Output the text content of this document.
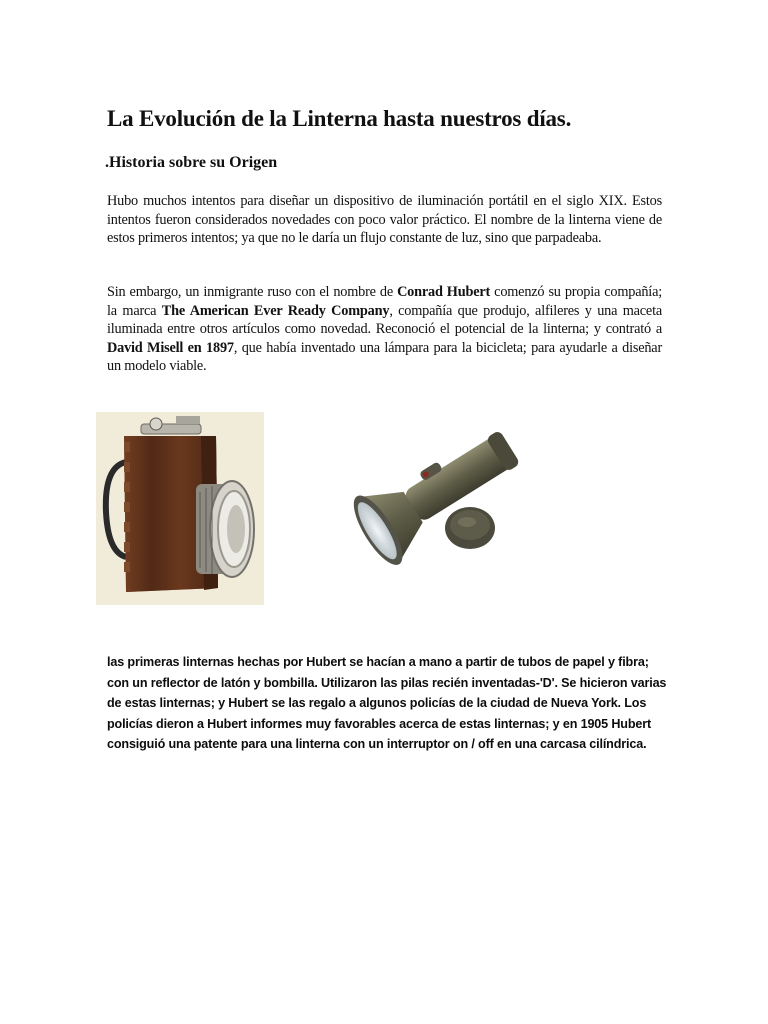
La Evolución de la Linterna hasta nuestros días.

.Historia sobre su Origen

Hubo muchos intentos para diseñar un dispositivo de iluminación portátil en el siglo XIX. Estos intentos fueron considerados novedades con poco valor práctico. El nombre de la linterna viene de estos primeros intentos; ya que no le daría un flujo constante de luz, sino que parpadeaba.

Sin embargo, un inmigrante ruso con el nombre de Conrad Hubert comenzó su propia compañía; la marca The American Ever Ready Company, compañía que produjo, alfileres y una maceta iluminada entre otros artículos como novedad. Reconoció el potencial de la linterna; y contrató a David Misell en 1897, que había inventado una lámpara para la bicicleta; para ayudarle a diseñar un modelo viable.

las primeras linternas hechas por Hubert se hacían a mano a partir de tubos de papel y fibra; con un reflector de latón y bombilla. Utilizaron las pilas recién inventadas-'D'. Se hicieron varias de estas linternas; y Hubert se las regalo a algunos policías de la ciudad de Nueva York. Los policías dieron a Hubert informes muy favorables acerca de estas linternas; y en 1905 Hubert consiguió una patente para una linterna con un interruptor on / off en una carcasa cilíndrica.
